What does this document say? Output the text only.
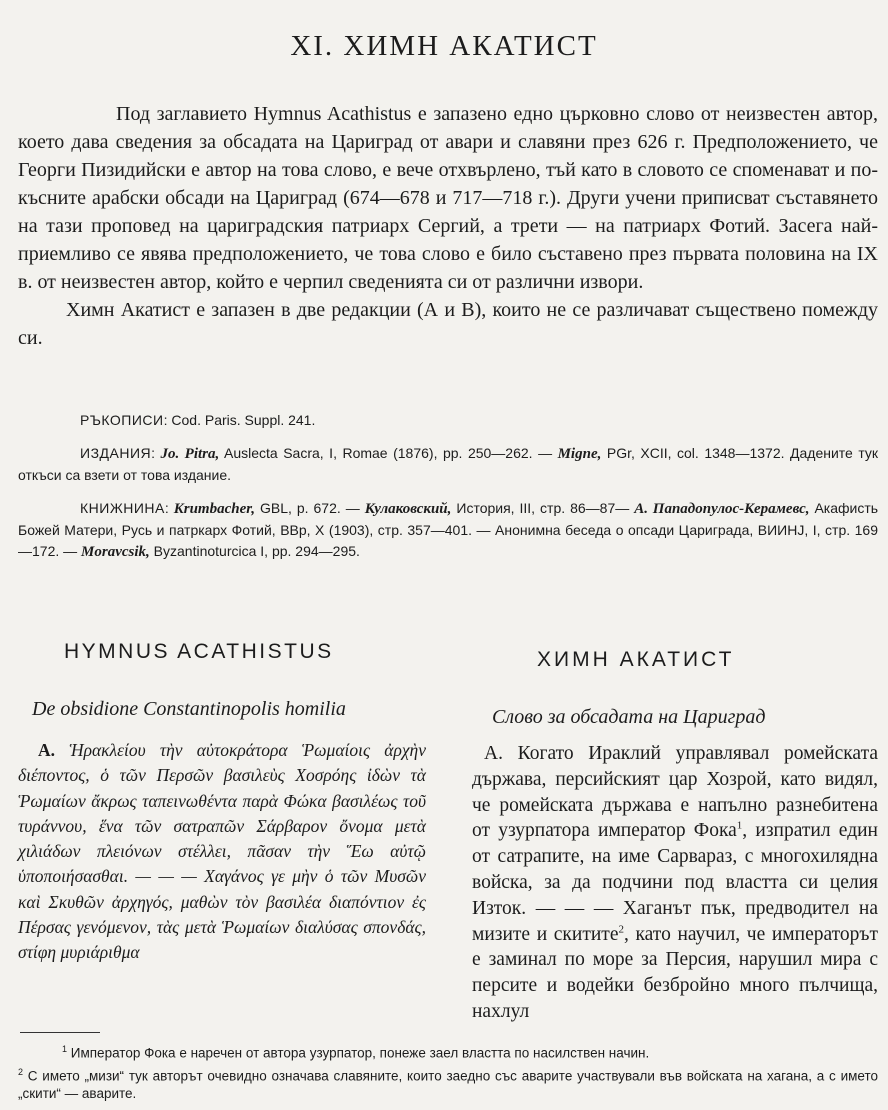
XI. ХИМН АКАТИСТ

Под заглавието Hymnus Acathistus е запазено едно църковно слово от неизвестен автор, което дава сведения за обсадата на Цариград от авари и славяни през 626 г. Предположението, че Георги Пизидийски е автор на това слово, е вече отхвърлено, тъй като в словото се споменават и по-късните арабски обсади на Цариград (674—678 и 717—718 г.). Други учени приписват съставянето на тази проповед на цариградския патриарх Сергий, а трети — на патриарх Фотий. Засега най-приемливо се явява предположението, че това слово е било съставено през първата половина на IX в. от неизвестен автор, който е черпил сведенията си от различни извори.

Химн Акатист е запазен в две редакции (А и В), които не се различават съществено помежду си.

РЪКОПИСИ: Cod. Paris. Suppl. 241.

ИЗДАНИЯ: Jo. Pitra, Auslecta Sacra, I, Romae (1876), pp. 250—262. — Migne, PGr, XCII, col. 1348—1372. Дадените тук откъси са взети от това издание.

КНИЖНИНА: Krumbacher, GBL, p. 672. — Кулаковский, История, III, стр. 86—87— А. Пападопулос-Керамевс, Акафисть Божей Матери, Русь и патркарх Фотий, ВВр, X (1903), стр. 357—401. — Анонимна беседа о опсади Цариграда, ВИИНЈ, I, стр. 169—172. — Moravcsik, Byzantinoturcica I, pp. 294—295.

HYMNUS ACATHISTUS	ХИМН АКАТИСТ
De obsidione Constantinopolis homilia	Слово за обсадата на Цариград

A. Ἡρακλείου τὴν αὐτοκράτορα Ῥωμαίοις ἀρχὴν διέποντος, ὁ τῶν Περσῶν βασιλεὺς Χοσρόης ἰδὼν τὰ Ῥωμαίων ἄκρως ταπεινωθέντα παρὰ Φώκα βασιλέως τοῦ τυράννου, ἕνα τῶν σατραπῶν Σάρβαρον ὄνομα μετὰ χιλιάδων πλειόνων στέλλει, πᾶσαν τὴν Ἕω αὐτῷ ὑποποιήσασθαι. — — — Χαγάνος γε μὴν ὁ τῶν Μυσῶν καὶ Σκυθῶν ἀρχηγός, μαθὼν τὸν βασιλέα διαπόντιον ἐς Πέρσας γενόμενον, τὰς μετὰ Ῥωμαίων διαλύσας σπονδάς, στίφη μυριάριθμα

А. Когато Ираклий управлявал ромейската държава, персийският цар Хозрой, като видял, че ромейската държава е напълно разнебитена от узурпатора император Фока$^1$, изпратил един от сатрапите, на име Сарвараз, с многохилядна войска, за да подчини под властта си целия Изток. — — — Хаганът пък, предводител на мизите и скитите$^2$, като научил, че императорът е заминал по море за Персия, нарушил мира с персите и водейки безбройно много пълчища, нахлул

$^1$ Император Фока е наречен от автора узурпатор, понеже заел властта по насилствен начин.

$^2$ С името „мизи“ тук авторът очевидно означава славяните, които заедно със аварите участвували във войската на хагана, а с името „скити“ — аварите.
